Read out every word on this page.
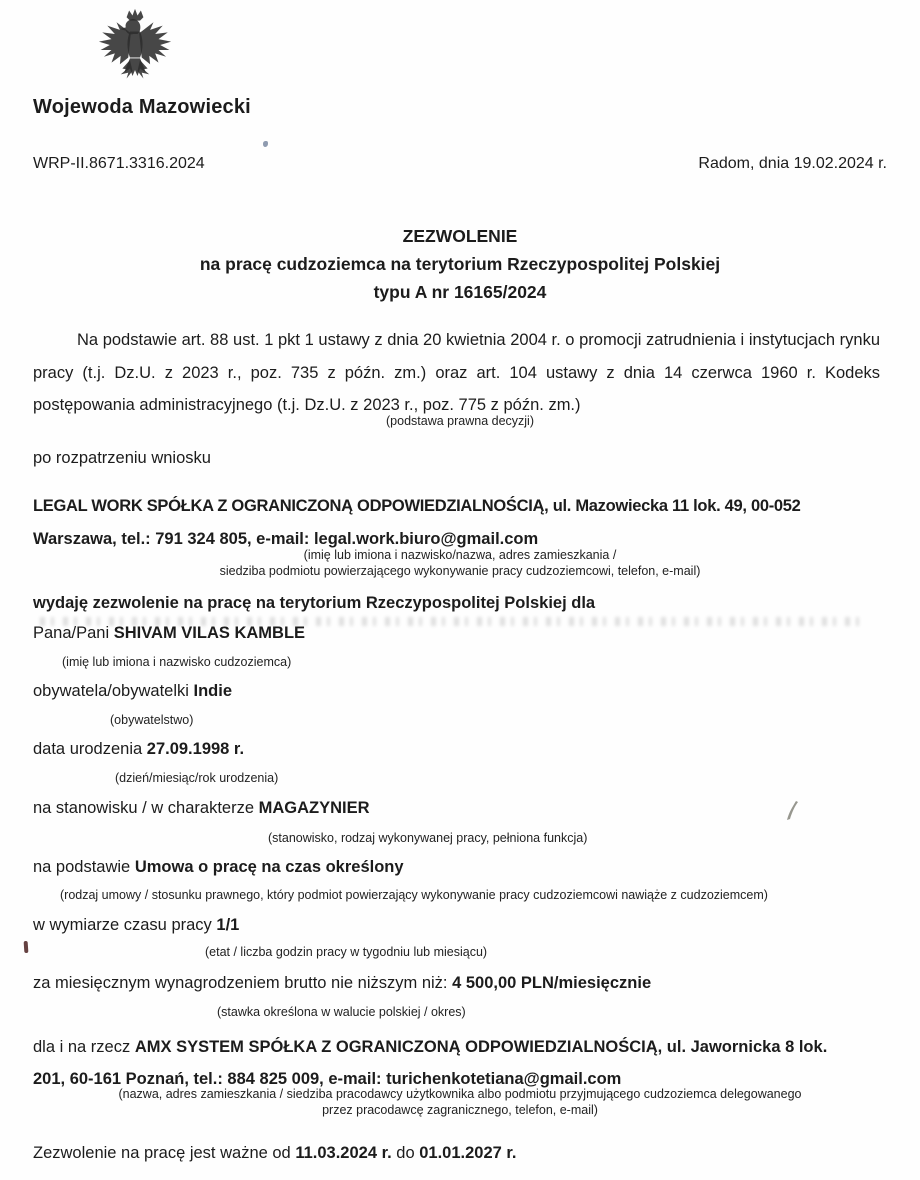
Wojewoda Mazowiecki
WRP-II.8671.3316.2024	Radom, dnia 19.02.2024 r.
ZEZWOLENIE
na pracę cudzoziemca na terytorium Rzeczypospolitej Polskiej
typu A nr 16165/2024
Na podstawie art. 88 ust. 1 pkt 1 ustawy z dnia 20 kwietnia 2004 r. o promocji zatrudnienia i instytucjach rynku pracy (t.j. Dz.U. z 2023 r., poz. 735 z późn. zm.) oraz art. 104 ustawy z dnia 14 czerwca 1960 r. Kodeks postępowania administracyjnego (t.j. Dz.U. z 2023 r., poz. 775 z późn. zm.)
(podstawa prawna decyzji)
po rozpatrzeniu wniosku
LEGAL WORK SPÓŁKA Z OGRANICZONĄ ODPOWIEDZIALNOŚCIĄ, ul. Mazowiecka 11 lok. 49, 00-052
Warszawa, tel.: 791 324 805, e-mail: legal.work.biuro@gmail.com
(imię lub imiona i nazwisko/nazwa, adres zamieszkania /
siedziba podmiotu powierzającego wykonywanie pracy cudzoziemcowi, telefon, e-mail)
wydaję zezwolenie na pracę na terytorium Rzeczypospolitej Polskiej dla
Pana/Pani SHIVAM VILAS KAMBLE
(imię lub imiona i nazwisko cudzoziemca)
obywatela/obywatelki Indie
(obywatelstwo)
data urodzenia 27.09.1998 r.
(dzień/miesiąc/rok urodzenia)
na stanowisku / w charakterze MAGAZYNIER
(stanowisko, rodzaj wykonywanej pracy, pełniona funkcja)
na podstawie Umowa o pracę na czas określony
(rodzaj umowy / stosunku prawnego, który podmiot powierzający wykonywanie pracy cudzoziemcowi nawiąże z cudzoziemcem)
w wymiarze czasu pracy 1/1
(etat / liczba godzin pracy w tygodniu lub miesiącu)
za miesięcznym wynagrodzeniem brutto nie niższym niż: 4 500,00 PLN/miesięcznie
(stawka określona w walucie polskiej / okres)
dla i na rzecz AMX SYSTEM SPÓŁKA Z OGRANICZONĄ ODPOWIEDZIALNOŚCIĄ, ul. Jawornicka 8 lok.
201, 60-161 Poznań, tel.: 884 825 009, e-mail: turichenkotetiana@gmail.com
(nazwa, adres zamieszkania / siedziba pracodawcy użytkownika albo podmiotu przyjmującego cudzoziemca delegowanego
przez pracodawcę zagranicznego, telefon, e-mail)
Zezwolenie na pracę jest ważne od 11.03.2024 r. do 01.01.2027 r.
